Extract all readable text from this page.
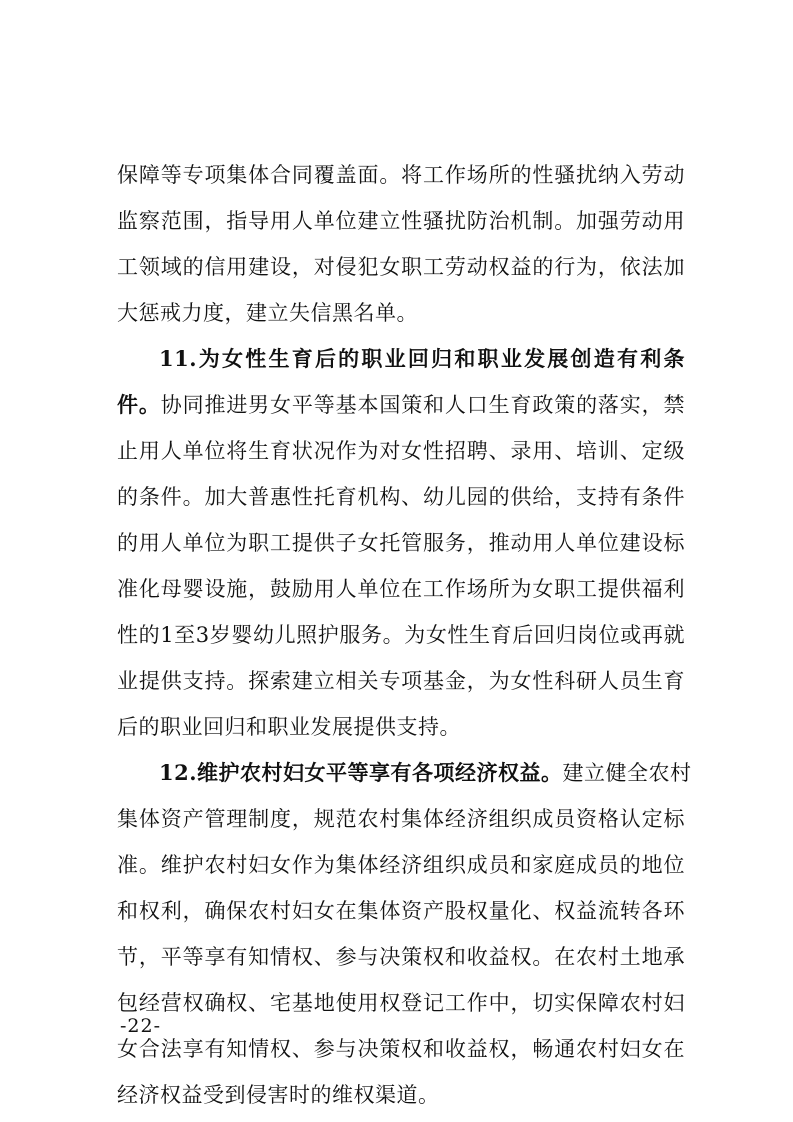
保障等专项集体合同覆盖面。将工作场所的性骚扰纳入劳动
监察范围，指导用人单位建立性骚扰防治机制。加强劳动用
工领域的信用建设，对侵犯女职工劳动权益的行为，依法加
大惩戒力度，建立失信黑名单。
11.为女性生育后的职业回归和职业发展创造有利条
件。协同推进男女平等基本国策和人口生育政策的落实，禁
止用人单位将生育状况作为对女性招聘、录用、培训、定级
的条件。加大普惠性托育机构、幼儿园的供给，支持有条件
的用人单位为职工提供子女托管服务，推动用人单位建设标
准化母婴设施，鼓励用人单位在工作场所为女职工提供福利
性的1至3岁婴幼儿照护服务。为女性生育后回归岗位或再就
业提供支持。探索建立相关专项基金，为女性科研人员生育
后的职业回归和职业发展提供支持。
12.维护农村妇女平等享有各项经济权益。建立健全农村
集体资产管理制度，规范农村集体经济组织成员资格认定标
准。维护农村妇女作为集体经济组织成员和家庭成员的地位
和权利，确保农村妇女在集体资产股权量化、权益流转各环
节，平等享有知情权、参与决策权和收益权。在农村土地承
包经营权确权、宅基地使用权登记工作中，切实保障农村妇
女合法享有知情权、参与决策权和收益权，畅通农村妇女在
经济权益受到侵害时的维权渠道。
-22-
